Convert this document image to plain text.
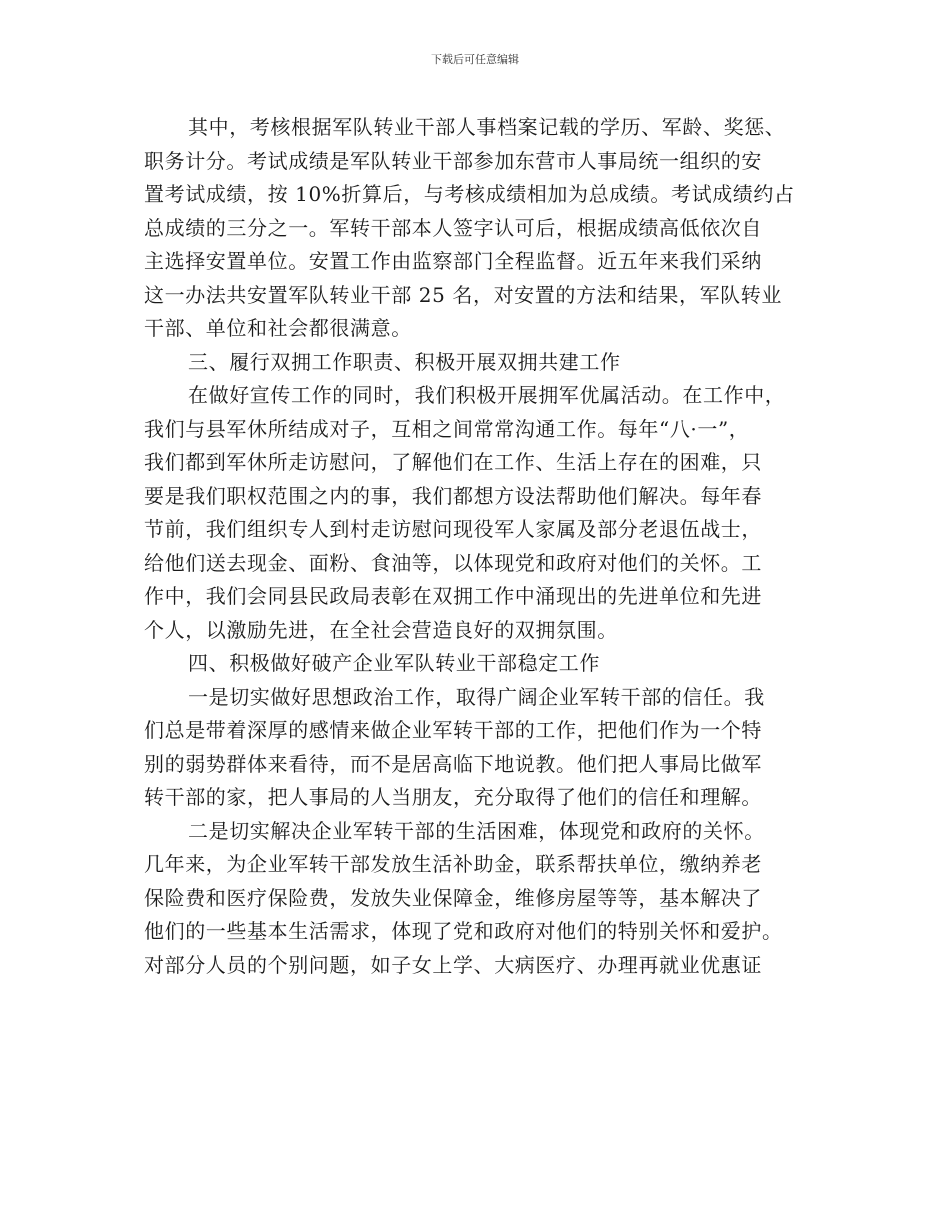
下载后可任意编辑
其中，考核根据军队转业干部人事档案记载的学历、军龄、奖惩、
职务计分。考试成绩是军队转业干部参加东营市人事局统一组织的安
置考试成绩，按 10%折算后，与考核成绩相加为总成绩。考试成绩约占
总成绩的三分之一。军转干部本人签字认可后，根据成绩高低依次自
主选择安置单位。安置工作由监察部门全程监督。近五年来我们采纳
这一办法共安置军队转业干部 25 名，对安置的方法和结果，军队转业
干部、单位和社会都很满意。
三、履行双拥工作职责、积极开展双拥共建工作
在做好宣传工作的同时，我们积极开展拥军优属活动。在工作中，
我们与县军休所结成对子，互相之间常常沟通工作。每年“八·一”，
我们都到军休所走访慰问，了解他们在工作、生活上存在的困难，只
要是我们职权范围之内的事，我们都想方设法帮助他们解决。每年春
节前，我们组织专人到村走访慰问现役军人家属及部分老退伍战士，
给他们送去现金、面粉、食油等，以体现党和政府对他们的关怀。工
作中，我们会同县民政局表彰在双拥工作中涌现出的先进单位和先进
个人，以激励先进，在全社会营造良好的双拥氛围。
四、积极做好破产企业军队转业干部稳定工作
一是切实做好思想政治工作，取得广阔企业军转干部的信任。我
们总是带着深厚的感情来做企业军转干部的工作，把他们作为一个特
别的弱势群体来看待，而不是居高临下地说教。他们把人事局比做军
转干部的家，把人事局的人当朋友，充分取得了他们的信任和理解。
二是切实解决企业军转干部的生活困难，体现党和政府的关怀。
几年来，为企业军转干部发放生活补助金，联系帮扶单位，缴纳养老
保险费和医疗保险费，发放失业保障金，维修房屋等等，基本解决了
他们的一些基本生活需求，体现了党和政府对他们的特别关怀和爱护。
对部分人员的个别问题，如子女上学、大病医疗、办理再就业优惠证
